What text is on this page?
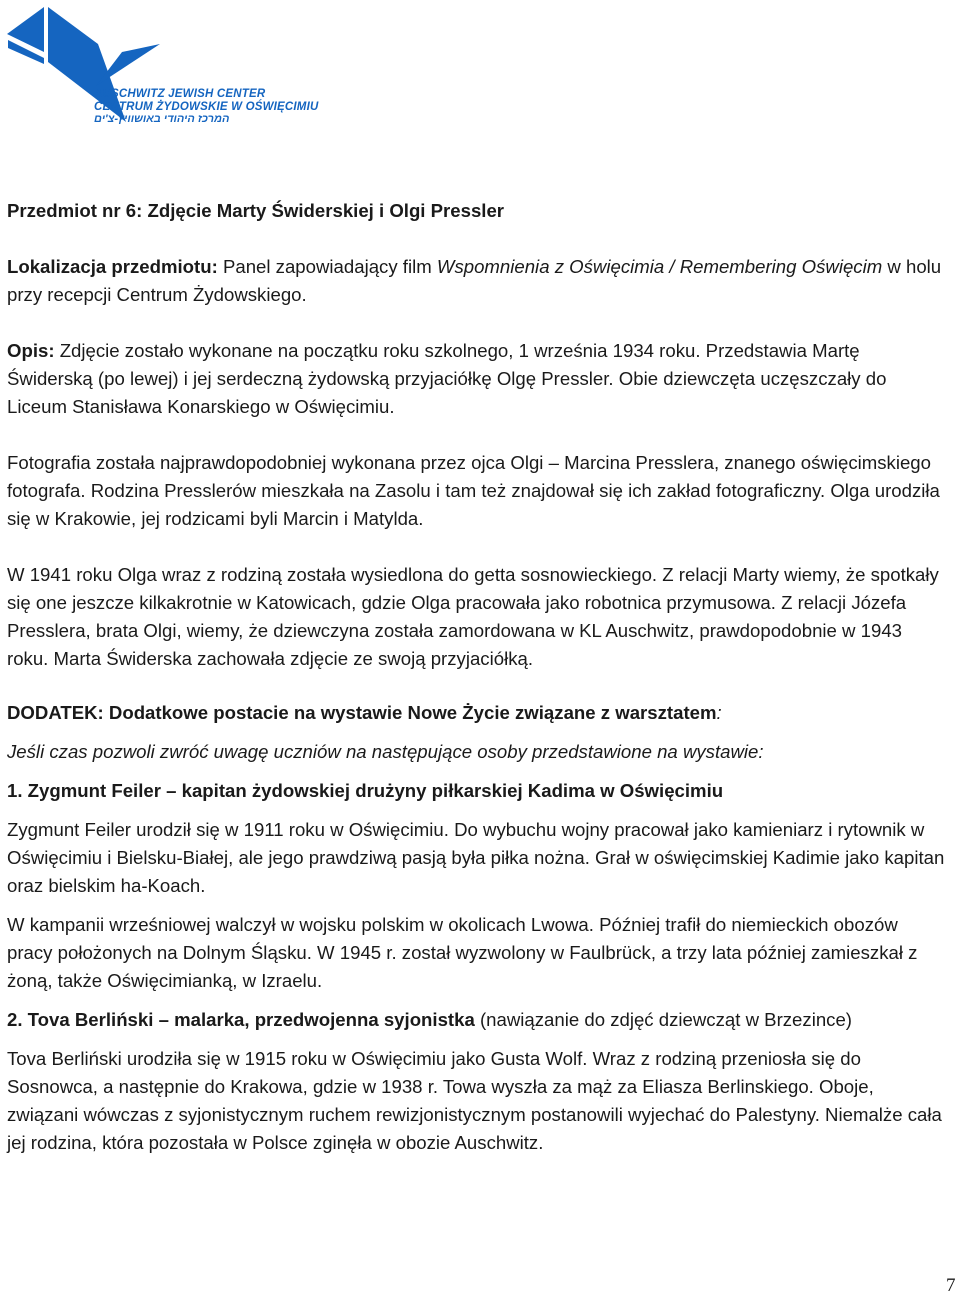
AUSCHWITZ JEWISH CENTER
CENTRUM ŻYDOWSKIE W OŚWIĘCIMIU
המרכז היהודי באושוויץ-צ'ים

Przedmiot nr 6: Zdjęcie Marty Świderskiej i Olgi Pressler

Lokalizacja przedmiotu: Panel zapowiadający film Wspomnienia z Oświęcimia / Remembering Oświęcim w holu przy recepcji Centrum Żydowskiego.

Opis: Zdjęcie zostało wykonane na początku roku szkolnego, 1 września 1934 roku. Przedstawia Martę Świderską (po lewej) i jej serdeczną żydowską przyjaciółkę Olgę Pressler. Obie dziewczęta uczęszczały do Liceum Stanisława Konarskiego w Oświęcimiu.

Fotografia została najprawdopodobniej wykonana przez ojca Olgi – Marcina Presslera, znanego oświęcimskiego fotografa. Rodzina Presslerów mieszkała na Zasolu i tam też znajdował się ich zakład fotograficzny. Olga urodziła się w Krakowie, jej rodzicami byli Marcin i Matylda.

W 1941 roku Olga wraz z rodziną została wysiedlona do getta sosnowieckiego. Z relacji Marty wiemy, że spotkały się one jeszcze kilkakrotnie w Katowicach, gdzie Olga pracowała jako robotnica przymusowa. Z relacji Józefa Presslera, brata Olgi, wiemy, że dziewczyna została zamordowana w KL Auschwitz, prawdopodobnie w 1943 roku. Marta Świderska zachowała zdjęcie ze swoją przyjaciółką.

DODATEK: Dodatkowe postacie na wystawie Nowe Życie związane z warsztatem:

Jeśli czas pozwoli zwróć uwagę uczniów na następujące osoby przedstawione na wystawie:

1. Zygmunt Feiler – kapitan żydowskiej drużyny piłkarskiej Kadima w Oświęcimiu

Zygmunt Feiler urodził się w 1911 roku w Oświęcimiu. Do wybuchu wojny pracował jako kamieniarz i rytownik w Oświęcimiu i Bielsku-Białej, ale jego prawdziwą pasją była piłka nożna. Grał w oświęcimskiej Kadimie jako kapitan oraz bielskim ha-Koach.

W kampanii wrześniowej walczył w wojsku polskim w okolicach Lwowa. Później trafił do niemieckich obozów pracy położonych na Dolnym Śląsku. W 1945 r. został wyzwolony w Faulbrück, a trzy lata później zamieszkał z żoną, także Oświęcimianką, w Izraelu.

2. Tova Berliński – malarka, przedwojenna syjonistka (nawiązanie do zdjęć dziewcząt w Brzezince)

Tova Berliński urodziła się w 1915 roku w Oświęcimiu jako Gusta Wolf. Wraz z rodziną przeniosła się do Sosnowca, a następnie do Krakowa, gdzie w 1938 r. Towa wyszła za mąż za Eliasza Berlinskiego. Oboje, związani wówczas z syjonistycznym ruchem rewizjonistycznym postanowili wyjechać do Palestyny. Niemalże cała jej rodzina, która pozostała w Polsce zginęła w obozie Auschwitz.

7
